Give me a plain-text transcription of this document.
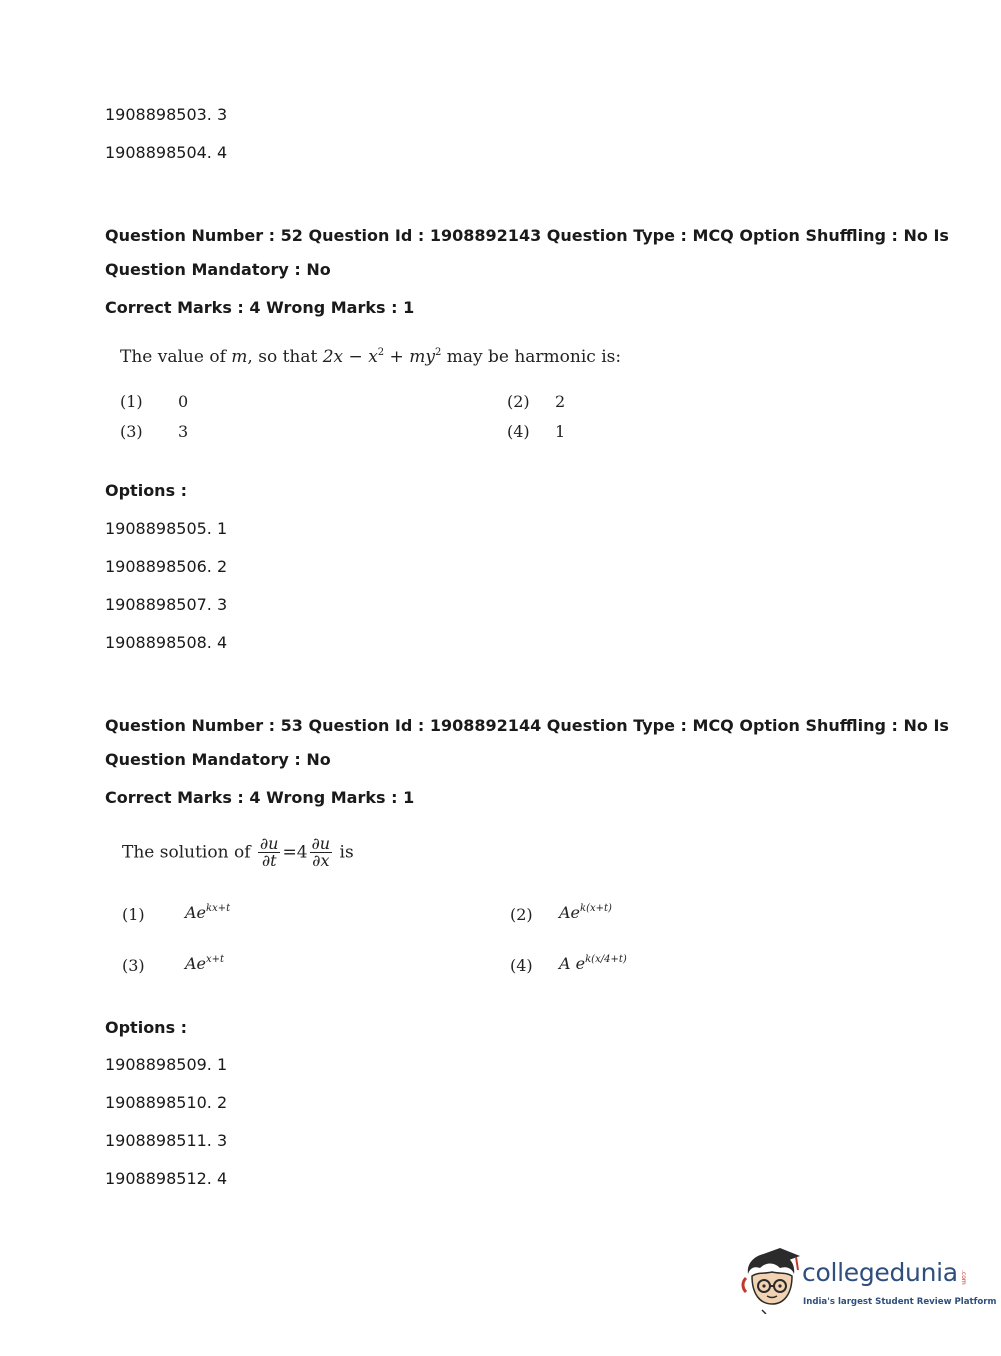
1908898503. 3
1908898504. 4
Question Number : 52 Question Id : 1908892143 Question Type : MCQ Option Shuffling : No Is
Question Mandatory : No
Correct Marks : 4 Wrong Marks : 1
The value of m, so that $2x - x^2 + my^2$ may be harmonic is:
(1) 0	(2) 2
(3) 3	(4) 1
Options :
1908898505. 1
1908898506. 2
1908898507. 3
1908898508. 4
Question Number : 53 Question Id : 1908892144 Question Type : MCQ Option Shuffling : No Is
Question Mandatory : No
Correct Marks : 4 Wrong Marks : 1
The solution of $\frac{\partial u}{\partial t} =4 \frac{\partial u}{\partial x}$ is
(1)	$Ae^{kx+t}$	(2) $Ae^{k(x+t)}$
(3)	$Ae^{x+t}$	(4) A $e^{k(x/4+t)}$
Options :
1908898509. 1
1908898510. 2
1908898511. 3
1908898512. 4
collegedunia .com
India's largest Student Review Platform
